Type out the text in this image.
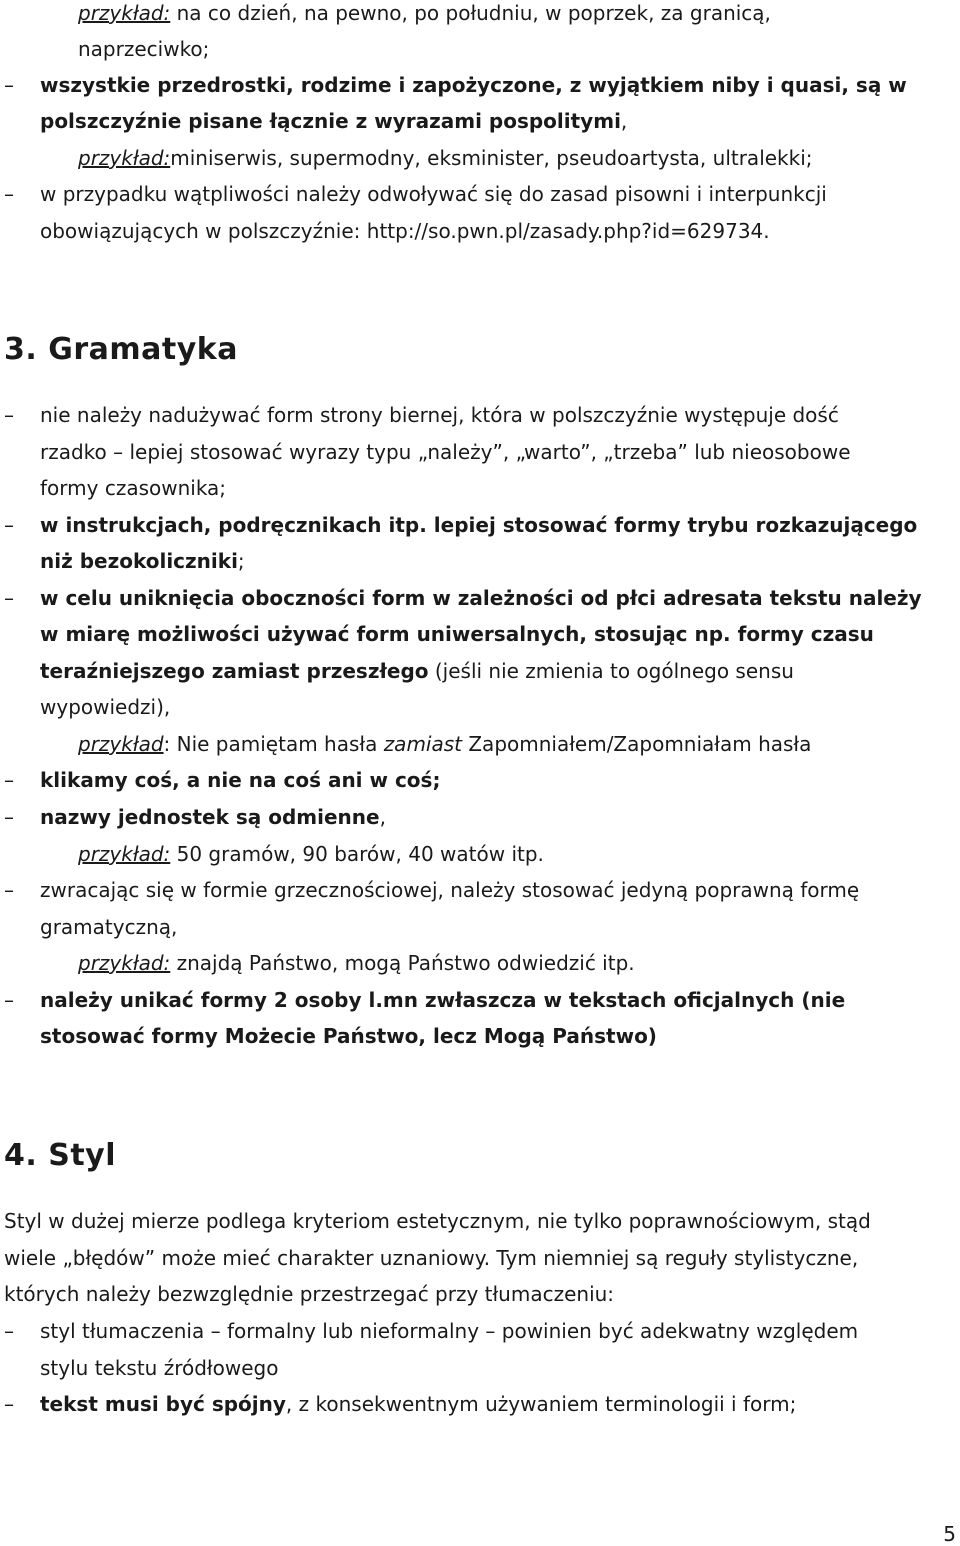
przykład: na co dzień, na pewno, po południu, w poprzek, za granicą,
naprzeciwko;
– wszystkie przedrostki, rodzime i zapożyczone, z wyjątkiem niby i quasi, są w
polszczyźnie pisane łącznie z wyrazami pospolitymi,
przykład:miniserwis, supermodny, eksminister, pseudoartysta, ultralekki;
– w przypadku wątpliwości należy odwoływać się do zasad pisowni i interpunkcji
obowiązujących w polszczyźnie: http://so.pwn.pl/zasady.php?id=629734.
3. Gramatyka
– nie należy nadużywać form strony biernej, która w polszczyźnie występuje dość
rzadko – lepiej stosować wyrazy typu „należy”, „warto”, „trzeba” lub nieosobowe
formy czasownika;
– w instrukcjach, podręcznikach itp. lepiej stosować formy trybu rozkazującego
niż bezokoliczniki;
– w celu uniknięcia oboczności form w zależności od płci adresata tekstu należy
w miarę możliwości używać form uniwersalnych, stosując np. formy czasu
teraźniejszego zamiast przeszłego (jeśli nie zmienia to ogólnego sensu
wypowiedzi),
przykład: Nie pamiętam hasła zamiast Zapomniałem/Zapomniałam hasła
– klikamy coś, a nie na coś ani w coś;
– nazwy jednostek są odmienne,
przykład: 50 gramów, 90 barów, 40 watów itp.
– zwracając się w formie grzecznościowej, należy stosować jedyną poprawną formę
gramatyczną,
przykład: znajdą Państwo, mogą Państwo odwiedzić itp.
– należy unikać formy 2 osoby l.mn zwłaszcza w tekstach oficjalnych (nie
stosować formy Możecie Państwo, lecz Mogą Państwo)
4. Styl
Styl w dużej mierze podlega kryteriom estetycznym, nie tylko poprawnościowym, stąd
wiele „błędów” może mieć charakter uznaniowy. Tym niemniej są reguły stylistyczne,
których należy bezwzględnie przestrzegać przy tłumaczeniu:
– styl tłumaczenia – formalny lub nieformalny – powinien być adekwatny względem
stylu tekstu źródłowego
– tekst musi być spójny, z konsekwentnym używaniem terminologii i form;
5
